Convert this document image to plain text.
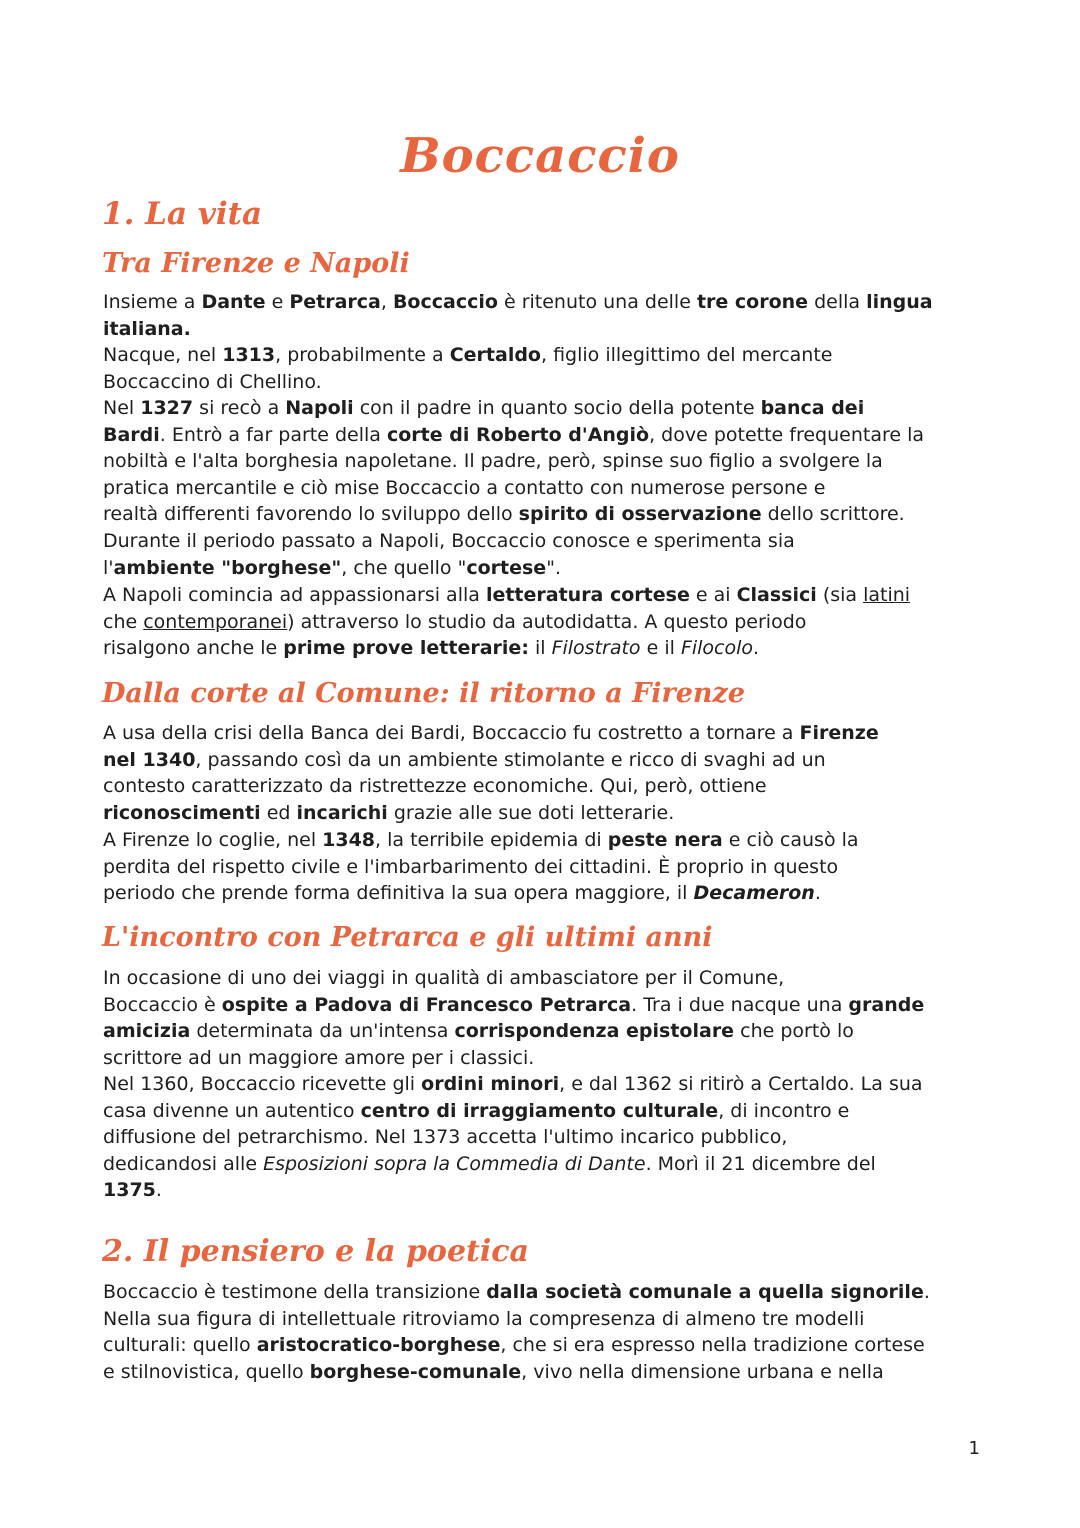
Boccaccio
1. La vita
Tra Firenze e Napoli
Insieme a Dante e Petrarca, Boccaccio è ritenuto una delle tre corone della lingua
italiana.
Nacque, nel 1313, probabilmente a Certaldo, figlio illegittimo del mercante
Boccaccino di Chellino.
Nel 1327 si recò a Napoli con il padre in quanto socio della potente banca dei
Bardi. Entrò a far parte della corte di Roberto d'Angiò, dove potette frequentare la
nobiltà e l'alta borghesia napoletane. Il padre, però, spinse suo figlio a svolgere la
pratica mercantile e ciò mise Boccaccio a contatto con numerose persone e
realtà differenti favorendo lo sviluppo dello spirito di osservazione dello scrittore.
Durante il periodo passato a Napoli, Boccaccio conosce e sperimenta sia
l'ambiente "borghese", che quello "cortese".
A Napoli comincia ad appassionarsi alla letteratura cortese e ai Classici (sia latini
che contemporanei) attraverso lo studio da autodidatta. A questo periodo
risalgono anche le prime prove letterarie: il Filostrato e il Filocolo.
Dalla corte al Comune: il ritorno a Firenze
A usa della crisi della Banca dei Bardi, Boccaccio fu costretto a tornare a Firenze
nel 1340, passando così da un ambiente stimolante e ricco di svaghi ad un
contesto caratterizzato da ristrettezze economiche. Qui, però, ottiene
riconoscimenti ed incarichi grazie alle sue doti letterarie.
A Firenze lo coglie, nel 1348, la terribile epidemia di peste nera e ciò causò la
perdita del rispetto civile e l'imbarbarimento dei cittadini. È proprio in questo
periodo che prende forma definitiva la sua opera maggiore, il Decameron.
L'incontro con Petrarca e gli ultimi anni
In occasione di uno dei viaggi in qualità di ambasciatore per il Comune,
Boccaccio è ospite a Padova di Francesco Petrarca. Tra i due nacque una grande
amicizia determinata da un'intensa corrispondenza epistolare che portò lo
scrittore ad un maggiore amore per i classici.
Nel 1360, Boccaccio ricevette gli ordini minori, e dal 1362 si ritirò a Certaldo. La sua
casa divenne un autentico centro di irraggiamento culturale, di incontro e
diffusione del petrarchismo. Nel 1373 accetta l'ultimo incarico pubblico,
dedicandosi alle Esposizioni sopra la Commedia di Dante. Morì il 21 dicembre del
1375.
2. Il pensiero e la poetica
Boccaccio è testimone della transizione dalla società comunale a quella signorile.
Nella sua figura di intellettuale ritroviamo la compresenza di almeno tre modelli
culturali: quello aristocratico-borghese, che si era espresso nella tradizione cortese
e stilnovistica, quello borghese-comunale, vivo nella dimensione urbana e nella
1
